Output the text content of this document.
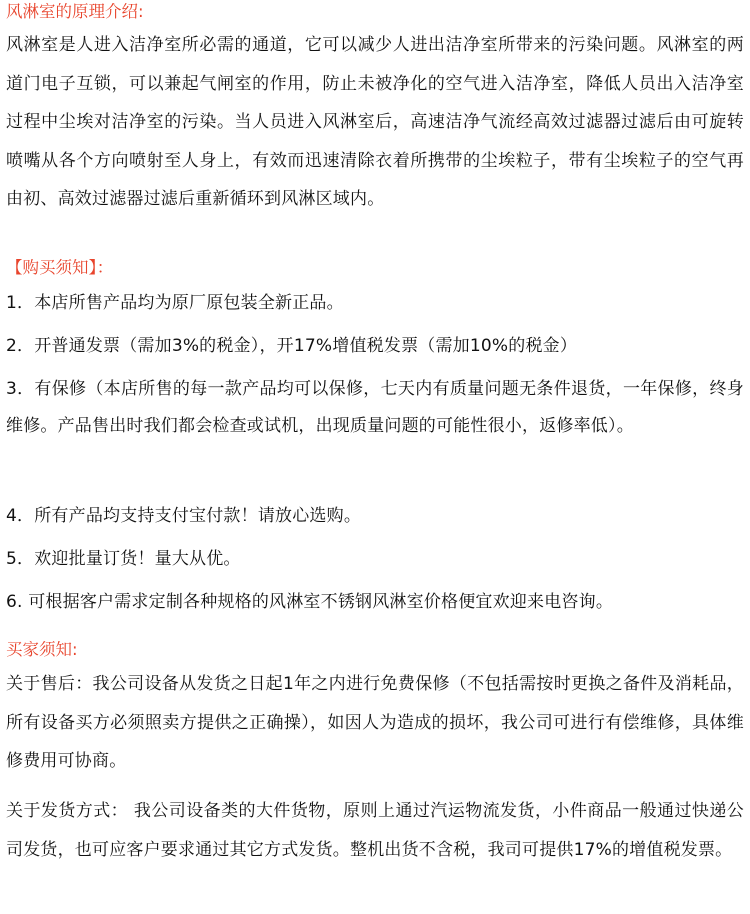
风淋室的原理介绍:

风淋室是人进入洁净室所必需的通道，它可以减少人进出洁净室所带来的污染问题。风淋室的两道门电子互锁，可以兼起气闸室的作用，防止未被净化的空气进入洁净室，降低人员出入洁净室过程中尘埃对洁净室的污染。当人员进入风淋室后，高速洁净气流经高效过滤器过滤后由可旋转喷嘴从各个方向喷射至人身上，有效而迅速清除衣着所携带的尘埃粒子，带有尘埃粒子的空气再由初、高效过滤器过滤后重新循环到风淋区域内。

【购买须知】：

1．本店所售产品均为原厂原包装全新正品。

2．开普通发票（需加3%的税金），开17%增值税发票（需加10%的税金）

3．有保修（本店所售的每一款产品均可以保修，七天内有质量问题无条件退货，一年保修，终身维修。产品售出时我们都会检查或试机，出现质量问题的可能性很小，返修率低）。

4．所有产品均支持支付宝付款！请放心选购。

5．欢迎批量订货！量大从优。

6. 可根据客户需求定制各种规格的风淋室不锈钢风淋室价格便宜欢迎来电咨询。

买家须知:

关于售后：我公司设备从发货之日起1年之内进行免费保修（不包括需按时更换之备件及消耗品，所有设备买方必须照卖方提供之正确操），如因人为造成的损坏，我公司可进行有偿维修，具体维修费用可协商。

关于发货方式： 我公司设备类的大件货物，原则上通过汽运物流发货，小件商品一般通过快递公司发货，也可应客户要求通过其它方式发货。整机出货不含税，我司可提供17%的增值税发票。
